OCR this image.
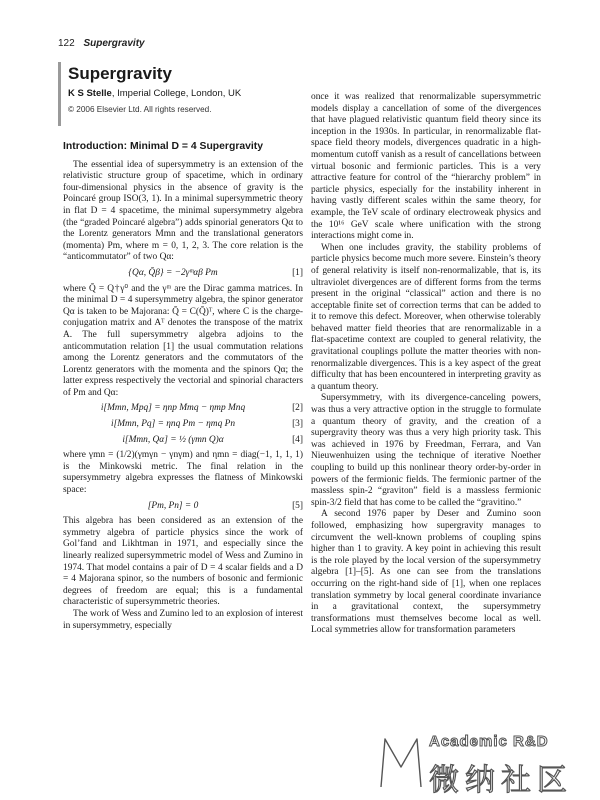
122 Supergravity
Supergravity
K S Stelle, Imperial College, London, UK
© 2006 Elsevier Ltd. All rights reserved.
Introduction: Minimal D = 4 Supergravity

The essential idea of supersymmetry is an extension of the relativistic structure group of spacetime, which in ordinary four-dimensional physics in the absence of gravity is the Poincaré group ISO(3, 1). In a minimal supersymmetric theory in flat D = 4 spacetime, the minimal supersymmetry algebra (the “graded Poincaré algebra”) adds spinorial generators Qα to the Lorentz generators Mmn and the translational generators (momenta) Pm, where m = 0, 1, 2, 3. The core relation is the “anticommutator” of two Qα:

{Qα, Q̄β} = −2γᵐαβ Pm	[1]

where Q̄ = Q†γ⁰ and the γᵐ are the Dirac gamma matrices. In the minimal D = 4 supersymmetry algebra, the spinor generator Qα is taken to be Majorana: Q̄ = C(Q̄)ᵀ, where C is the charge-conjugation matrix and Aᵀ denotes the transpose of the matrix A. The full supersymmetry algebra adjoins to the anticommutation relation [1] the usual commutation relations among the Lorentz generators and the commutators of the Lorentz generators with the momenta and the spinors Qα; the latter express respectively the vectorial and spinorial characters of Pm and Qα:

i[Mmn, Mpq] = ηnp Mmq − ηmp Mnq	[2]
i[Mmn, Pq] = ηnq Pm − ηmq Pn	[3]
i[Mmn, Qα] = ½ (γmn Q)α	[4]

where γmn = (1/2)(γmγn − γnγm) and ηmn = diag(−1, 1, 1, 1) is the Minkowski metric. The final relation in the supersymmetry algebra expresses the flatness of Minkowski space:

[Pm, Pn] = 0	[5]

This algebra has been considered as an extension of the symmetry algebra of particle physics since the work of Gol’fand and Likhtman in 1971, and especially since the linearly realized supersymmetric model of Wess and Zumino in 1974. That model contains a pair of D = 4 scalar fields and a D = 4 Majorana spinor, so the numbers of bosonic and fermionic degrees of freedom are equal; this is a fundamental characteristic of supersymmetric theories.

The work of Wess and Zumino led to an explosion of interest in supersymmetry, especially

once it was realized that renormalizable supersymmetric models display a cancellation of some of the divergences that have plagued relativistic quantum field theory since its inception in the 1930s. In particular, in renormalizable flat-space field theory models, divergences quadratic in a high-momentum cutoff vanish as a result of cancellations between virtual bosonic and fermionic particles. This is a very attractive feature for control of the “hierarchy problem” in particle physics, especially for the instability inherent in having vastly different scales within the same theory, for example, the TeV scale of ordinary electroweak physics and the 10¹⁶ GeV scale where unification with the strong interactions might come in.

When one includes gravity, the stability problems of particle physics become much more severe. Einstein’s theory of general relativity is itself non-renormalizable, that is, its ultraviolet divergences are of different forms from the terms present in the original “classical” action and there is no acceptable finite set of correction terms that can be added to it to remove this defect. Moreover, when otherwise tolerably behaved matter field theories that are renormalizable in a flat-spacetime context are coupled to general relativity, the gravitational couplings pollute the matter theories with non-renormalizable divergences. This is a key aspect of the great difficulty that has been encountered in interpreting gravity as a quantum theory.

Supersymmetry, with its divergence-canceling powers, was thus a very attractive option in the struggle to formulate a quantum theory of gravity, and the creation of a supergravity theory was thus a very high priority task. This was achieved in 1976 by Freedman, Ferrara, and Van Nieuwenhuizen using the technique of iterative Noether coupling to build up this nonlinear theory order-by-order in powers of the fermionic fields. The fermionic partner of the massless spin-2 “graviton” field is a massless fermionic spin-3/2 field that has come to be called the “gravitino.”

A second 1976 paper by Deser and Zumino soon followed, emphasizing how supergravity manages to circumvent the well-known problems of coupling spins higher than 1 to gravity. A key point in achieving this result is the role played by the local version of the supersymmetry algebra [1]–[5]. As one can see from the translations occurring on the right-hand side of [1], when one replaces translation symmetry by local general coordinate invariance in a gravitational context, the supersymmetry transformations must themselves become local as well. Local symmetries allow for transformation parameters

Academic R&D
微纳社区
